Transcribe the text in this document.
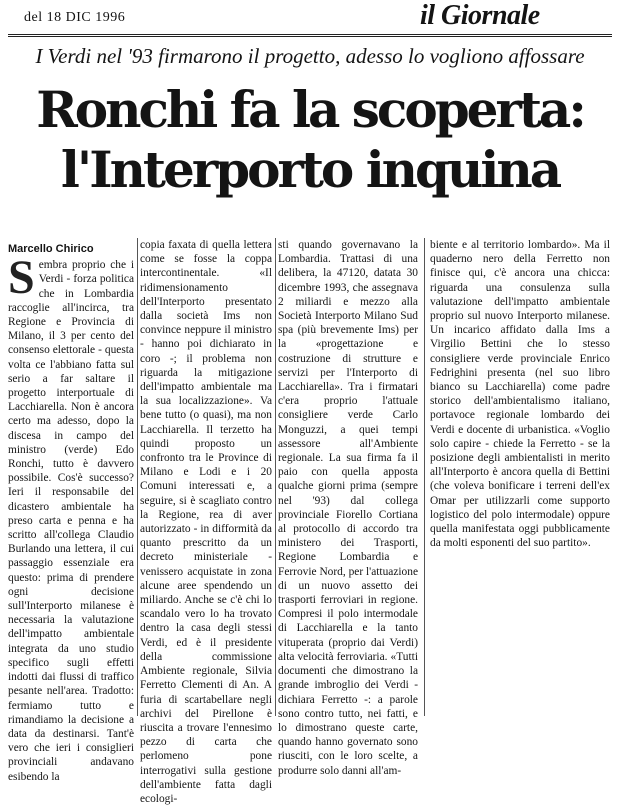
del 18 DIC 1996	il Giornale
I Verdi nel '93 firmarono il progetto, adesso lo vogliono affossare
Ronchi fa la scoperta:
l'Interporto inquina
Marcello Chirico
S embra proprio che i Verdi - forza politica che in Lombardia raccoglie all'incirca, tra Regione e Provincia di Milano, il 3 per cento del consenso elettorale - questa volta ce l'abbiano fatta sul serio a far saltare il progetto interportuale di Lacchiarella. Non è ancora certo ma adesso, dopo la discesa in campo del ministro (verde) Edo Ronchi, tutto è davvero possibile. Cos'è successo? Ieri il responsabile del dicastero ambientale ha preso carta e penna e ha scritto all'collega Claudio Burlando una lettera, il cui passaggio essenziale era questo: prima di prendere ogni decisione sull'Interporto milanese è necessaria la valutazione dell'impatto ambientale integrata da uno studio specifico sugli effetti indotti dai flussi di traffico pesante nell'area. Tradotto: fermiamo tutto e rimandiamo la decisione a data da destinarsi. Tant'è vero che ieri i consiglieri provinciali andavano esibendo la

copia faxata di quella lettera come se fosse la coppa intercontinentale. «Il ridimensionamento dell'Interporto presentato dalla società Ims non convince neppure il ministro - hanno poi dichiarato in coro -; il problema non riguarda la mitigazione dell'impatto ambientale ma la sua localizzazione». Va bene tutto (o quasi), ma non Lacchiarella. Il terzetto ha quindi proposto un confronto tra le Province di Milano e Lodi e i 20 Comuni interessati e, a seguire, si è scagliato contro la Regione, rea di aver autorizzato - in difformità da quanto prescritto da un decreto ministeriale - venissero acquistate in zona alcune aree spendendo un miliardo. Anche se c'è chi lo scandalo vero lo ha trovato dentro la casa degli stessi Verdi, ed è il presidente della commissione Ambiente regionale, Silvia Ferretto Clementi di An. A furia di scartabellare negli archivi del Pirellone è riuscita a trovare l'ennesimo pezzo di carta che perlomeno pone interrogativi sulla gestione dell'ambiente fatta dagli ecologi-

sti quando governavano la Lombardia. Trattasi di una delibera, la 47120, datata 30 dicembre 1993, che assegnava 2 miliardi e mezzo alla Società Interporto Milano Sud spa (più brevemente Ims) per la «progettazione e costruzione di strutture e servizi per l'Interporto di Lacchiarella». Tra i firmatari c'era proprio l'attuale consigliere verde Carlo Monguzzi, a quei tempi assessore all'Ambiente regionale. La sua firma fa il paio con quella apposta qualche giorni prima (sempre nel '93) dal collega provinciale Fiorello Cortiana al protocollo di accordo tra ministero dei Trasporti, Regione Lombardia e Ferrovie Nord, per l'attuazione di un nuovo assetto dei trasporti ferroviari in regione. Compresi il polo intermodale di Lacchiarella e la tanto vituperata (proprio dai Verdi) alta velocità ferroviaria. «Tutti documenti che dimostrano la grande imbroglio dei Verdi - dichiara Ferretto -: a parole sono contro tutto, nei fatti, e lo dimostrano queste carte, quando hanno governato sono riusciti, con le loro scelte, a produrre solo danni all'am-

biente e al territorio lombardo». Ma il quaderno nero della Ferretto non finisce qui, c'è ancora una chicca: riguarda una consulenza sulla valutazione dell'impatto ambientale proprio sul nuovo Interporto milanese. Un incarico affidato dalla Ims a Virgilio Bettini che lo stesso consigliere verde provinciale Enrico Fedrighini presenta (nel suo libro bianco su Lacchiarella) come padre storico dell'ambientalismo italiano, portavoce regionale lombardo dei Verdi e docente di urbanistica. «Voglio solo capire - chiede la Ferretto - se la posizione degli ambientalisti in merito all'Interporto è ancora quella di Bettini (che voleva bonificare i terreni dell'ex Omar per utilizzarli come supporto logistico del polo intermodale) oppure quella manifestata oggi pubblicamente da molti esponenti del suo partito».
